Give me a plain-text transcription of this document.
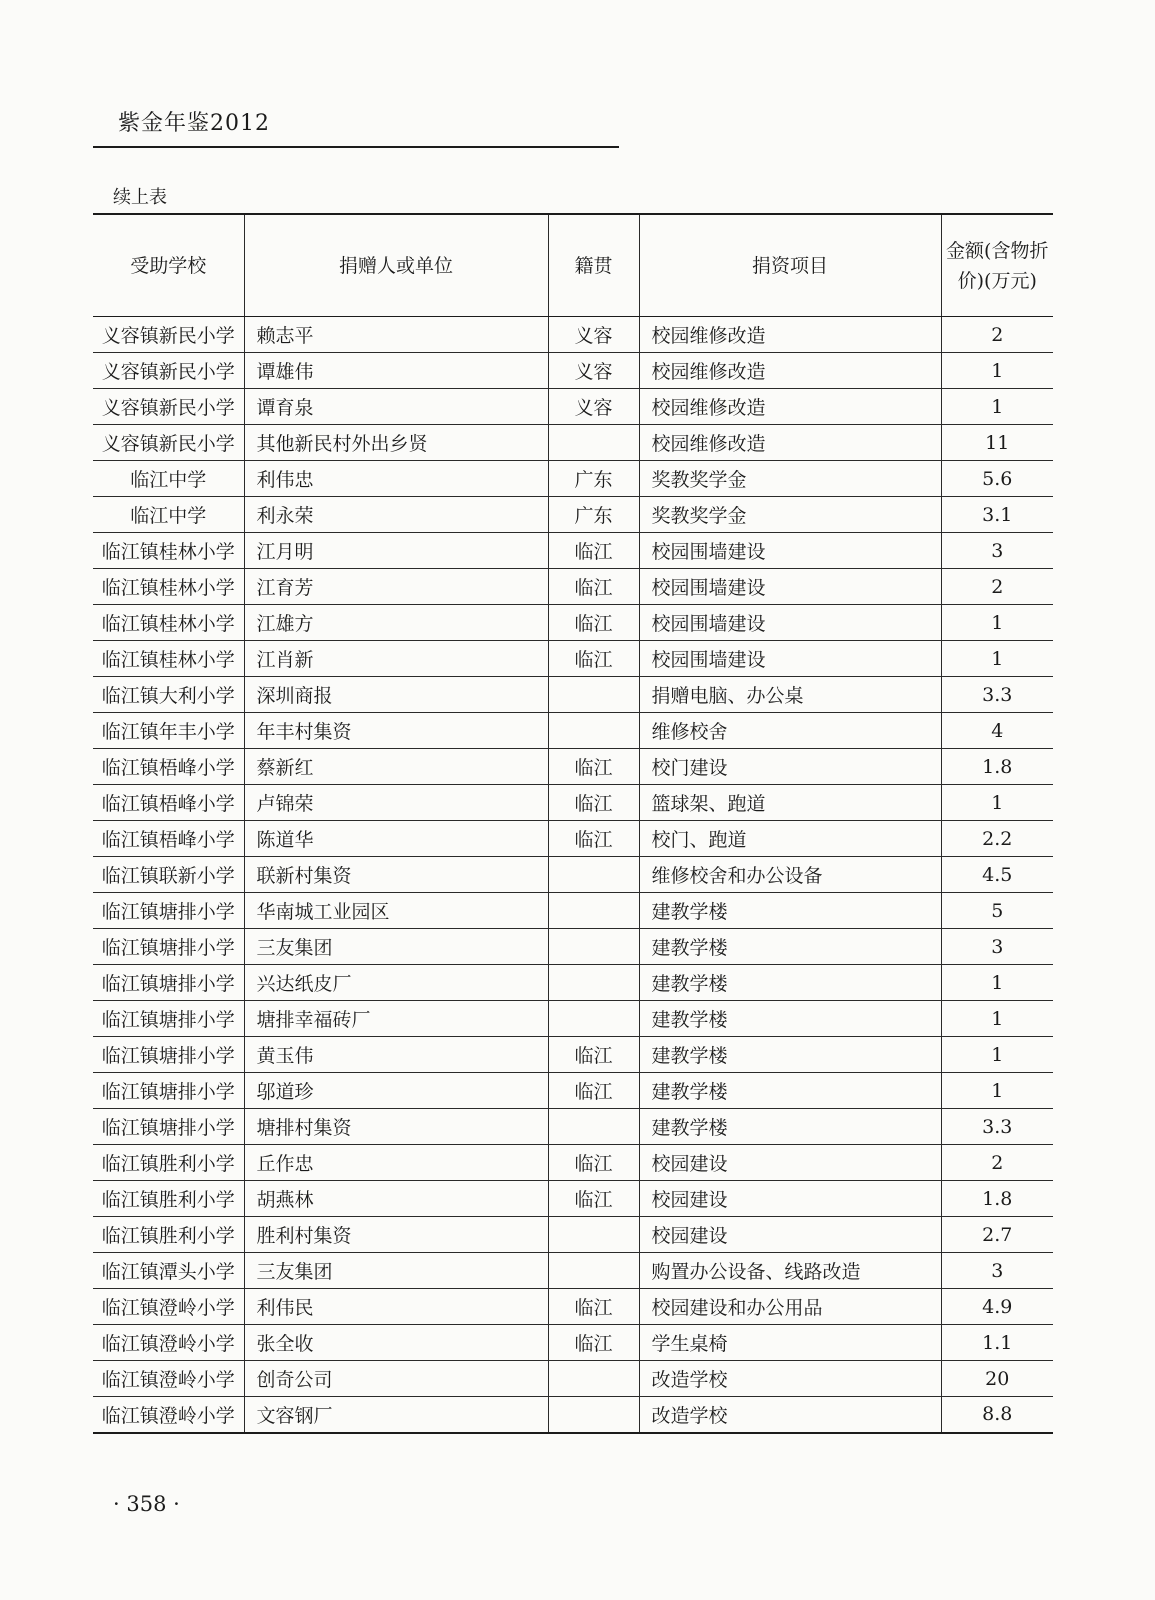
紫金年鉴2012
续上表
受助学校	捐赠人或单位	籍贯	捐资项目	金额(含物折价)(万元)
义容镇新民小学	赖志平	义容	校园维修改造	2
义容镇新民小学	谭雄伟	义容	校园维修改造	1
义容镇新民小学	谭育泉	义容	校园维修改造	1
义容镇新民小学	其他新民村外出乡贤		校园维修改造	11
临江中学	利伟忠	广东	奖教奖学金	5.6
临江中学	利永荣	广东	奖教奖学金	3.1
临江镇桂林小学	江月明	临江	校园围墙建设	3
临江镇桂林小学	江育芳	临江	校园围墙建设	2
临江镇桂林小学	江雄方	临江	校园围墙建设	1
临江镇桂林小学	江肖新	临江	校园围墙建设	1
临江镇大利小学	深圳商报		捐赠电脑、办公桌	3.3
临江镇年丰小学	年丰村集资		维修校舍	4
临江镇梧峰小学	蔡新红	临江	校门建设	1.8
临江镇梧峰小学	卢锦荣	临江	篮球架、跑道	1
临江镇梧峰小学	陈道华	临江	校门、跑道	2.2
临江镇联新小学	联新村集资		维修校舍和办公设备	4.5
临江镇塘排小学	华南城工业园区		建教学楼	5
临江镇塘排小学	三友集团		建教学楼	3
临江镇塘排小学	兴达纸皮厂		建教学楼	1
临江镇塘排小学	塘排幸福砖厂		建教学楼	1
临江镇塘排小学	黄玉伟	临江	建教学楼	1
临江镇塘排小学	邬道珍	临江	建教学楼	1
临江镇塘排小学	塘排村集资		建教学楼	3.3
临江镇胜利小学	丘作忠	临江	校园建设	2
临江镇胜利小学	胡燕林	临江	校园建设	1.8
临江镇胜利小学	胜利村集资		校园建设	2.7
临江镇潭头小学	三友集团		购置办公设备、线路改造	3
临江镇澄岭小学	利伟民	临江	校园建设和办公用品	4.9
临江镇澄岭小学	张全收	临江	学生桌椅	1.1
临江镇澄岭小学	创奇公司		改造学校	20
临江镇澄岭小学	文容钢厂		改造学校	8.8
· 358 ·
